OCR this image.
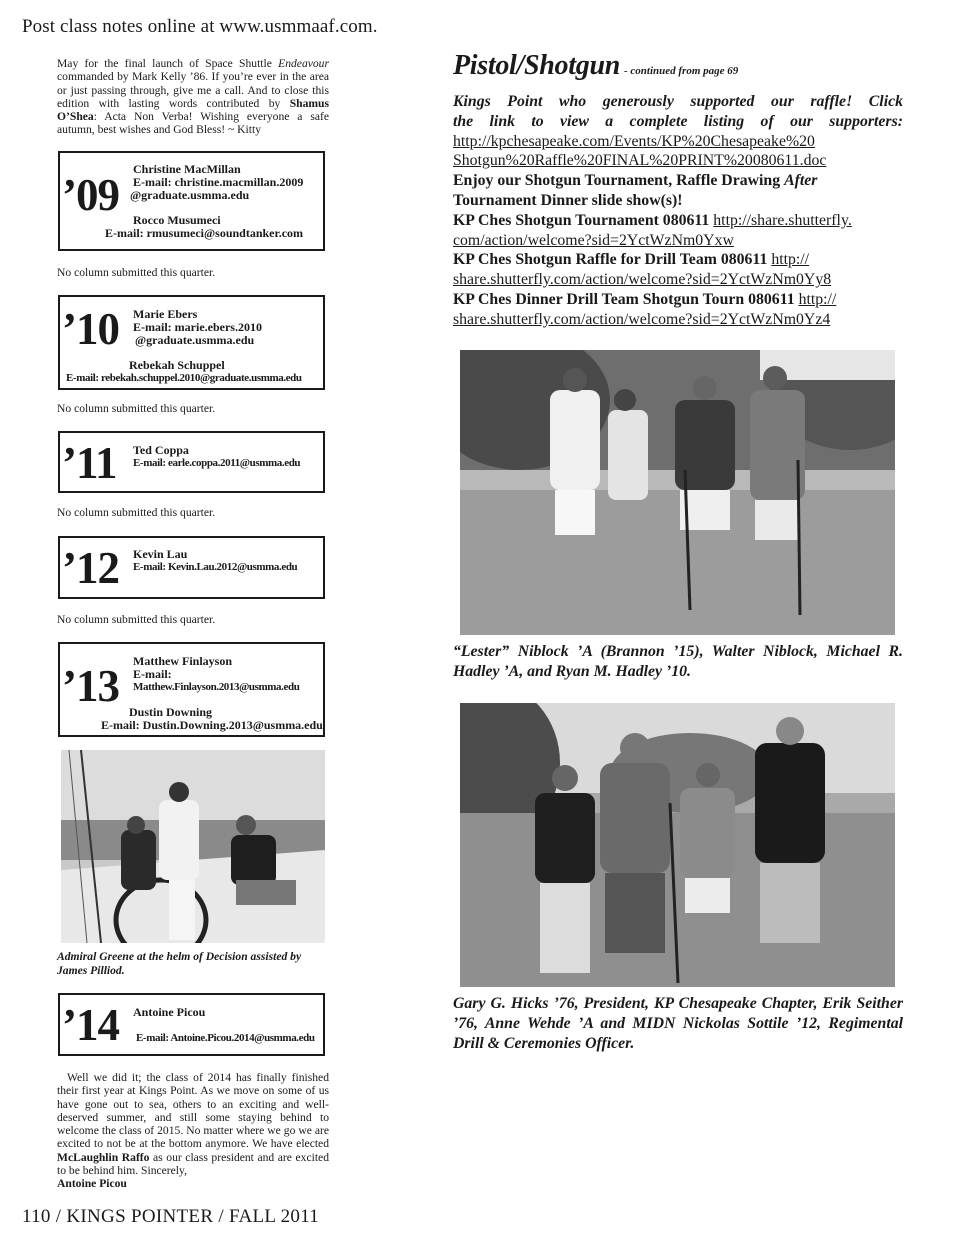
Post class notes online at www.usmmaaf.com.
110 / KINGS POINTER / FALL 2011
May for the final launch of Space Shuttle Endeavour commanded by Mark Kelly ’86. If you’re ever in the area or just passing through, give me a call. And to close this edition with lasting words contributed by Shamus O’Shea: Acta Non Verba! Wishing everyone a safe autumn, best wishes and God Bless! ~ Kitty
’09
Christine MacMillan
E-mail: christine.macmillan.2009
@graduate.usmma.edu
Rocco Musumeci
E-mail: rmusumeci@soundtanker.com
No column submitted this quarter.
’10 Marie Ebers
E-mail: marie.ebers.2010
@graduate.usmma.edu
Rebekah Schuppel
E-mail: rebekah.schuppel.2010@graduate.usmma.edu
No column submitted this quarter.
’11 Ted Coppa
E-mail: earle.coppa.2011@usmma.edu
No column submitted this quarter.
’12 Kevin Lau
E-mail: Kevin.Lau.2012@usmma.edu
No column submitted this quarter.
’13 Matthew Finlayson
E-mail:
Matthew.Finlayson.2013@usmma.edu
Dustin Downing
E-mail: Dustin.Downing.2013@usmma.edu
Admiral Greene at the helm of Decision assisted by James Pilliod.
’14 Antoine Picou
E-mail: Antoine.Picou.2014@usmma.edu
Well we did it; the class of 2014 has finally finished their first year at Kings Point. As we move on some of us have gone out to sea, others to an exciting and well-deserved summer, and still some staying behind to welcome the class of 2015. No matter where we go we are excited to not be at the bottom anymore. We have elected McLaughlin Raffo as our class president and are excited to be behind him. Sincerely,
Antoine Picou
Pistol/Shotgun - continued from page 69
Kings Point who generously supported our raffle! Click
the link to view a complete listing of our supporters:
http://kpchesapeake.com/Events/KP%20Chesapeake%20
Shotgun%20Raffle%20FINAL%20PRINT%20080611.doc
Enjoy our Shotgun Tournament, Raffle Drawing After
Tournament Dinner slide show(s)!
KP Ches Shotgun Tournament 080611 http://share.shutterfly.
com/action/welcome?sid=2YctWzNm0Yxw
KP Ches Shotgun Raffle for Drill Team 080611 http://
share.shutterfly.com/action/welcome?sid=2YctWzNm0Yy8
KP Ches Dinner Drill Team Shotgun Tourn 080611 http://
share.shutterfly.com/action/welcome?sid=2YctWzNm0Yz4
“Lester” Niblock ’A (Brannon ’15), Walter Niblock, Michael R. Hadley ’A, and Ryan M. Hadley ’10.
Gary G. Hicks ’76, President, KP Chesapeake Chapter, Erik Seither ’76, Anne Wehde ’A and MIDN Nickolas Sottile ’12, Regimental Drill & Ceremonies Officer.
